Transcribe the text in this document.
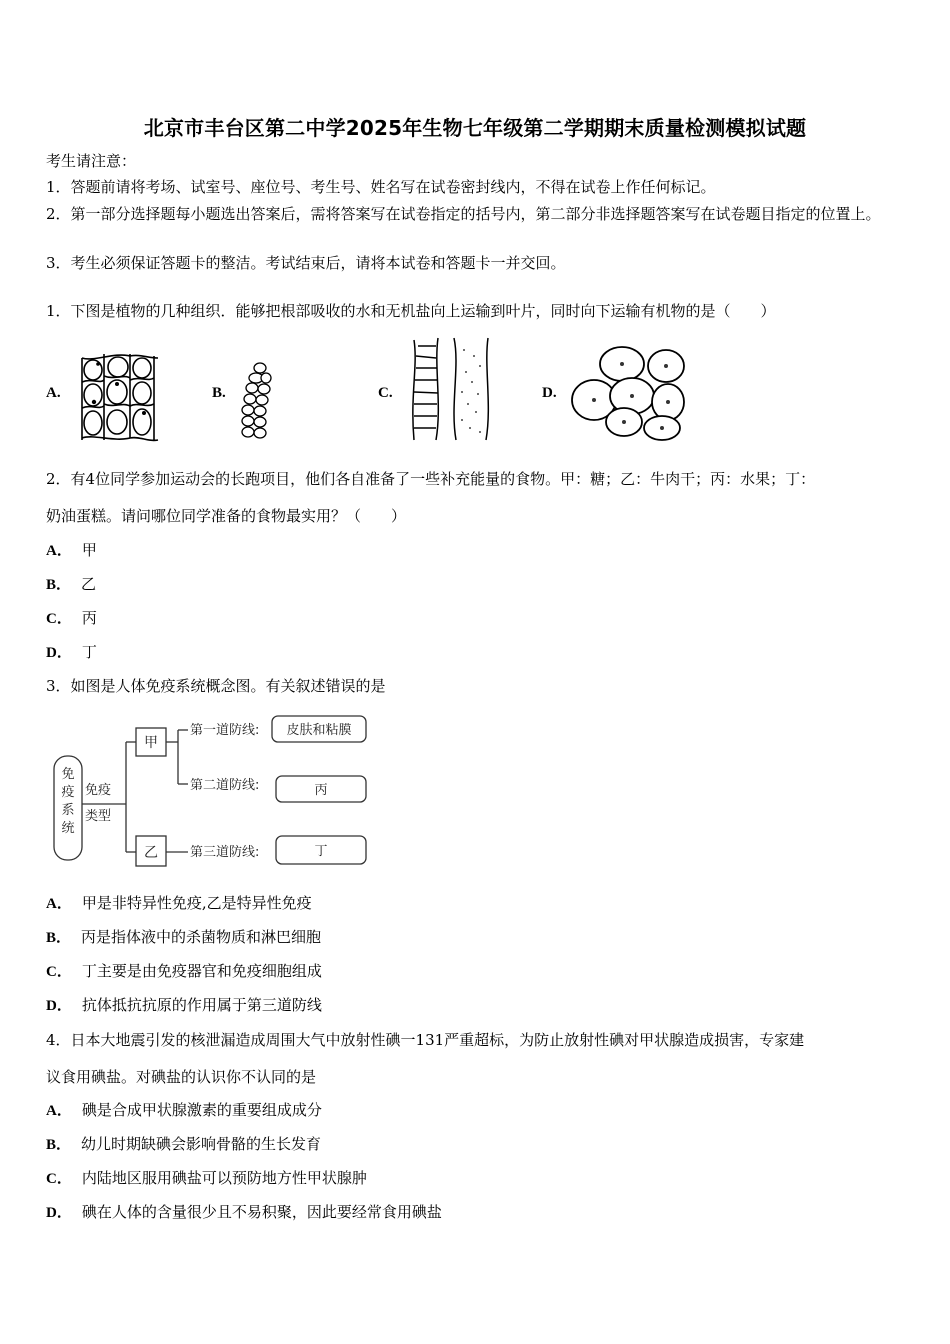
北京市丰台区第二中学2025年生物七年级第二学期期末质量检测模拟试题
考生请注意：
1．答题前请将考场、试室号、座位号、考生号、姓名写在试卷密封线内，不得在试卷上作任何标记。
2．第一部分选择题每小题选出答案后，需将答案写在试卷指定的括号内，第二部分非选择题答案写在试卷题目指定的位置上。
3．考生必须保证答题卡的整洁。考试结束后，请将本试卷和答题卡一并交回。
1．下图是植物的几种组织．能够把根部吸收的水和无机盐向上运输到叶片，同时向下运输有机物的是（　　）
A.	B.	C.	D.
2．有4位同学参加运动会的长跑项目，他们各自准备了一些补充能量的食物。甲：糖；乙：牛肉干；丙：水果；丁：
奶油蛋糕。请问哪位同学准备的食物最实用？（　　）
A． 甲
B． 乙
C． 丙
D． 丁
3．如图是人体免疫系统概念图。有关叙述错误的是
免
疫
系
统
免疫
类型
甲
乙
第一道防线:
第二道防线:
第三道防线:
皮肤和粘膜
丙
丁
A． 甲是非特异性免疫,乙是特异性免疫
B． 丙是指体液中的杀菌物质和淋巴细胞
C． 丁主要是由免疫器官和免疫细胞组成
D． 抗体抵抗抗原的作用属于第三道防线
4．日本大地震引发的核泄漏造成周围大气中放射性碘一131严重超标，为防止放射性碘对甲状腺造成损害，专家建
议食用碘盐。对碘盐的认识你不认同的是
A． 碘是合成甲状腺激素的重要组成成分
B． 幼儿时期缺碘会影响骨骼的生长发育
C． 内陆地区服用碘盐可以预防地方性甲状腺肿
D． 碘在人体的含量很少且不易积聚，因此要经常食用碘盐
